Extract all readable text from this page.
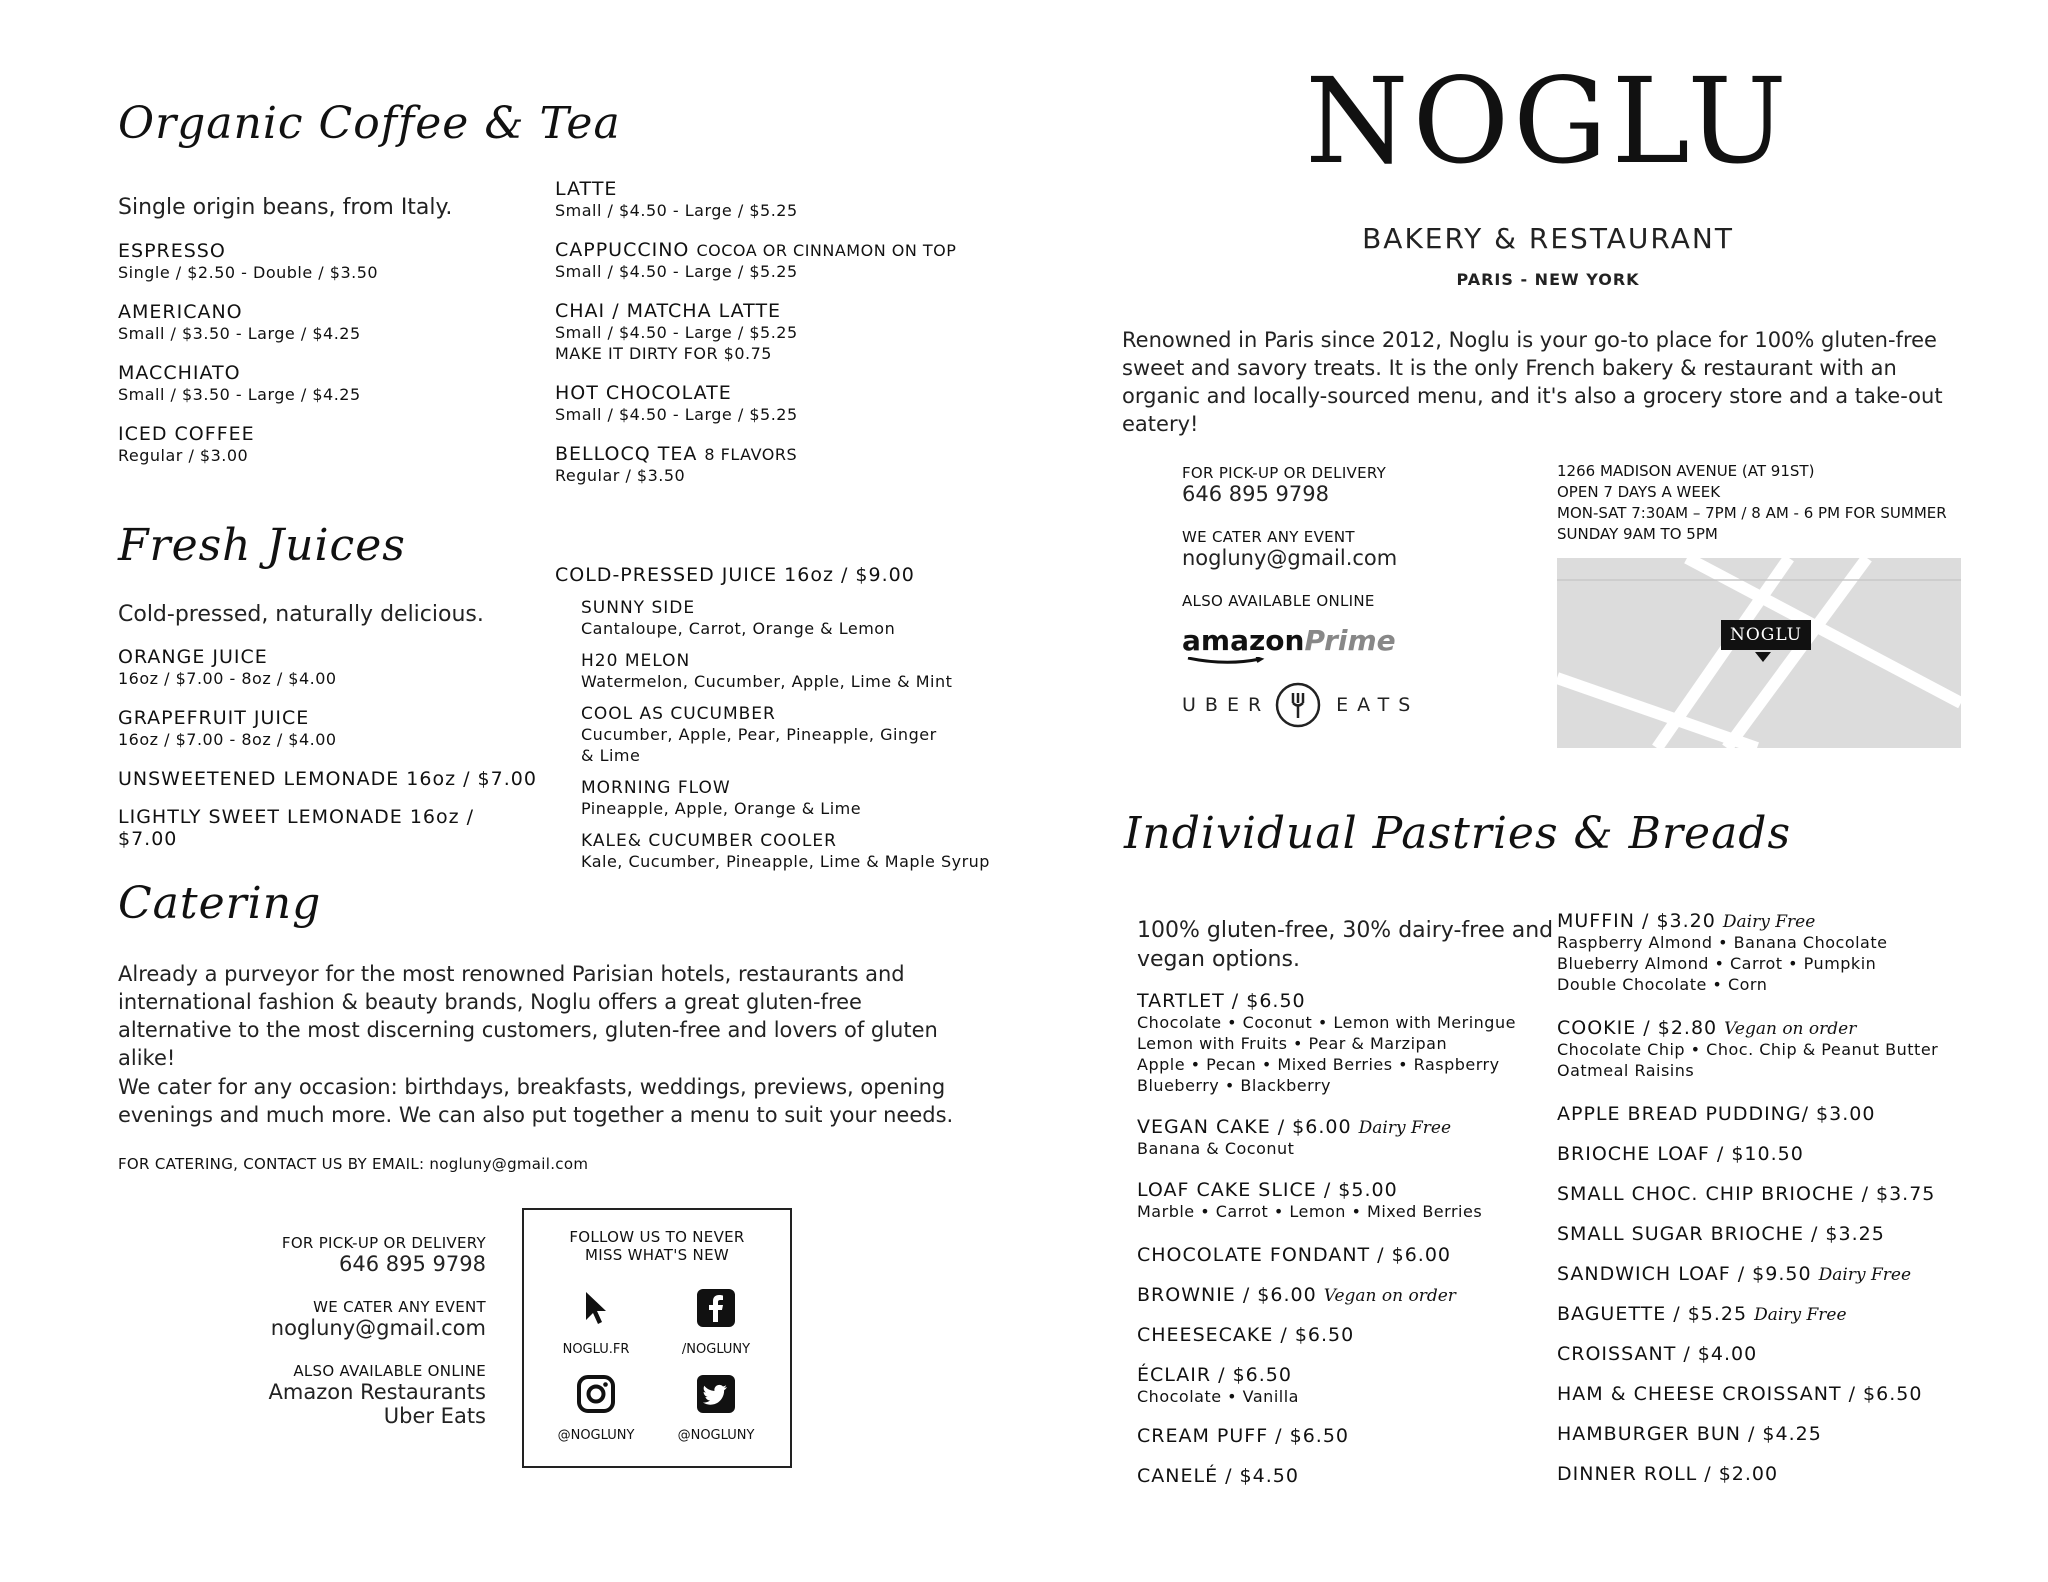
Organic Coffee & Tea
Single origin beans, from Italy.
ESPRESSO
Single / $2.50 - Double / $3.50
AMERICANO
Small / $3.50 - Large / $4.25
MACCHIATO
Small / $3.50 - Large / $4.25
ICED COFFEE
Regular / $3.00
LATTE
Small / $4.50 - Large / $5.25
CAPPUCCINO COCOA OR CINNAMON ON TOP
Small / $4.50 - Large / $5.25
CHAI / MATCHA LATTE
Small / $4.50 - Large / $5.25
MAKE IT DIRTY FOR $0.75
HOT CHOCOLATE
Small / $4.50 - Large / $5.25
BELLOCQ TEA 8 FLAVORS
Regular / $3.50
Fresh Juices
Cold-pressed, naturally delicious.
ORANGE JUICE
16oz / $7.00 - 8oz / $4.00
GRAPEFRUIT JUICE
16oz / $7.00 - 8oz / $4.00
UNSWEETENED LEMONADE 16oz / $7.00
LIGHTLY SWEET LEMONADE 16oz / $7.00
COLD-PRESSED JUICE 16oz / $9.00
SUNNY SIDE
Cantaloupe, Carrot, Orange & Lemon
H20 MELON
Watermelon, Cucumber, Apple, Lime & Mint
COOL AS CUCUMBER
Cucumber, Apple, Pear, Pineapple, Ginger
& Lime
MORNING FLOW
Pineapple, Apple, Orange & Lime
KALE& CUCUMBER COOLER
Kale, Cucumber, Pineapple, Lime & Maple Syrup
Catering
Already a purveyor for the most renowned Parisian hotels, restaurants and international fashion & beauty brands, Noglu offers a great gluten-free alternative to the most discerning customers, gluten-free and lovers of gluten alike!
We cater for any occasion: birthdays, breakfasts, weddings, previews, opening evenings and much more. We can also put together a menu to suit your needs.
FOR CATERING, CONTACT US BY EMAIL: nogluny@gmail.com
FOR PICK-UP OR DELIVERY
646 895 9798
WE CATER ANY EVENT
nogluny@gmail.com
ALSO AVAILABLE ONLINE
Amazon Restaurants
Uber Eats
FOLLOW US TO NEVER
MISS WHAT'S NEW
NOGLU.FR	/NOGLUNY
@NOGLUNY	@NOGLUNY
NOGLU
BAKERY & RESTAURANT
PARIS - NEW YORK
Renowned in Paris since 2012, Noglu is your go-to place for 100% gluten-free sweet and savory treats. It is the only French bakery & restaurant with an organic and locally-sourced menu, and it's also a grocery store and a take-out eatery!
FOR PICK-UP OR DELIVERY
646 895 9798
WE CATER ANY EVENT
nogluny@gmail.com
ALSO AVAILABLE ONLINE
amazonPrime
UBER	EATS
1266 MADISON AVENUE (AT 91ST)
OPEN 7 DAYS A WEEK
MON-SAT 7:30AM – 7PM / 8 AM - 6 PM FOR SUMMER
SUNDAY 9AM TO 5PM
NOGLU
Individual Pastries & Breads
100% gluten-free, 30% dairy-free and vegan options.
TARTLET / $6.50
Chocolate • Coconut • Lemon with Meringue
Lemon with Fruits • Pear & Marzipan
Apple • Pecan • Mixed Berries • Raspberry
Blueberry • Blackberry
VEGAN CAKE / $6.00 Dairy Free
Banana & Coconut
LOAF CAKE SLICE / $5.00
Marble • Carrot • Lemon • Mixed Berries
CHOCOLATE FONDANT / $6.00
BROWNIE / $6.00 Vegan on order
CHEESECAKE / $6.50
ÉCLAIR / $6.50
Chocolate • Vanilla
CREAM PUFF / $6.50
CANELÉ / $4.50
MUFFIN / $3.20 Dairy Free
Raspberry Almond • Banana Chocolate
Blueberry Almond • Carrot • Pumpkin
Double Chocolate • Corn
COOKIE / $2.80 Vegan on order
Chocolate Chip • Choc. Chip & Peanut Butter
Oatmeal Raisins
APPLE BREAD PUDDING/ $3.00
BRIOCHE LOAF / $10.50
SMALL CHOC. CHIP BRIOCHE / $3.75
SMALL SUGAR BRIOCHE / $3.25
SANDWICH LOAF / $9.50 Dairy Free
BAGUETTE / $5.25 Dairy Free
CROISSANT / $4.00
HAM & CHEESE CROISSANT / $6.50
HAMBURGER BUN / $4.25
DINNER ROLL / $2.00
